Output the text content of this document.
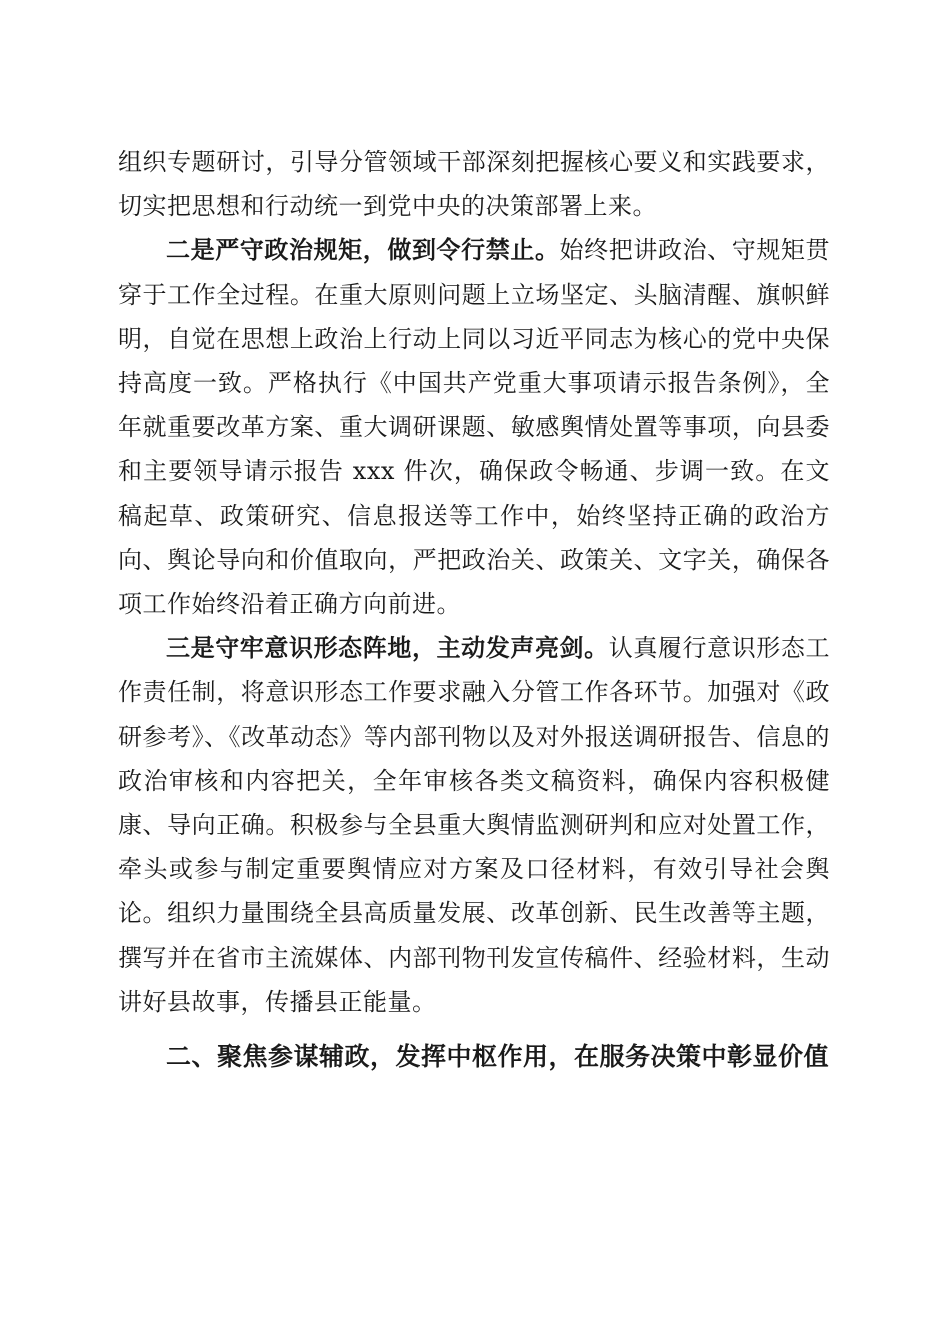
组织专题研讨，引导分管领域干部深刻把握核心要义和实践要求，切实把思想和行动统一到党中央的决策部署上来。

二是严守政治规矩，做到令行禁止。始终把讲政治、守规矩贯穿于工作全过程。在重大原则问题上立场坚定、头脑清醒、旗帜鲜明，自觉在思想上政治上行动上同以习近平同志为核心的党中央保持高度一致。严格执行《中国共产党重大事项请示报告条例》，全年就重要改革方案、重大调研课题、敏感舆情处置等事项，向县委和主要领导请示报告 xxx 件次，确保政令畅通、步调一致。在文稿起草、政策研究、信息报送等工作中，始终坚持正确的政治方向、舆论导向和价值取向，严把政治关、政策关、文字关，确保各项工作始终沿着正确方向前进。

三是守牢意识形态阵地，主动发声亮剑。认真履行意识形态工作责任制，将意识形态工作要求融入分管工作各环节。加强对《政研参考》、《改革动态》等内部刊物以及对外报送调研报告、信息的政治审核和内容把关，全年审核各类文稿资料，确保内容积极健康、导向正确。积极参与全县重大舆情监测研判和应对处置工作，牵头或参与制定重要舆情应对方案及口径材料，有效引导社会舆论。组织力量围绕全县高质量发展、改革创新、民生改善等主题，撰写并在省市主流媒体、内部刊物刊发宣传稿件、经验材料，生动讲好县故事，传播县正能量。

二、聚焦参谋辅政，发挥中枢作用，在服务决策中彰显价值
